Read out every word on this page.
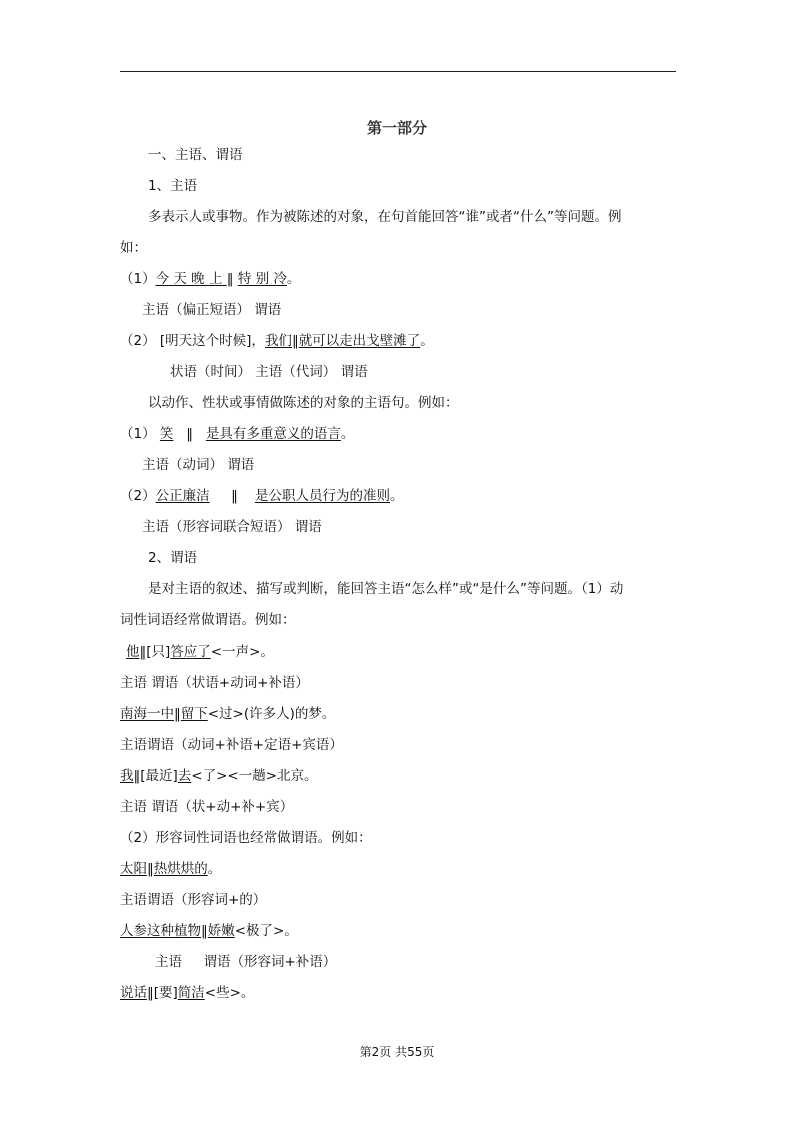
第一部分
一、主语、谓语
1、主语
多表示人或事物。作为被陈述的对象，在句首能回答“谁”或者“什么”等问题。例
如：
（1）今 天 晚 上 ‖ 特 别 冷。
主语（偏正短语） 谓语
（2） [明天这个时候]，我们‖就可以走出戈壁滩了。
状语（时间） 主语（代词） 谓语
以动作、性状或事情做陈述的对象的主语句。例如：
（1） 笑 ‖ 是具有多重意义的语言。
主语（动词） 谓语
（2）公正廉洁 ‖ 是公职人员行为的准则。
主语（形容词联合短语） 谓语
2、谓语
是对主语的叙述、描写或判断，能回答主语“怎么样”或“是什么”等问题。（1）动
词性词语经常做谓语。例如：
他‖[只]答应了<一声>。
主语 谓语（状语+动词+补语）
南海一中‖留下<过>(许多人)的梦。
主语谓语（动词+补语+定语+宾语）
我‖[最近]去<了><一趟>北京。
主语 谓语（状+动+补+宾）
（2）形容词性词语也经常做谓语。例如：
太阳‖热烘烘的。
主语谓语（形容词+的）
人参这种植物‖娇嫩<极了>。
主语     谓语（形容词+补语）
说话‖[要]简洁<些>。
第2页 共55页
